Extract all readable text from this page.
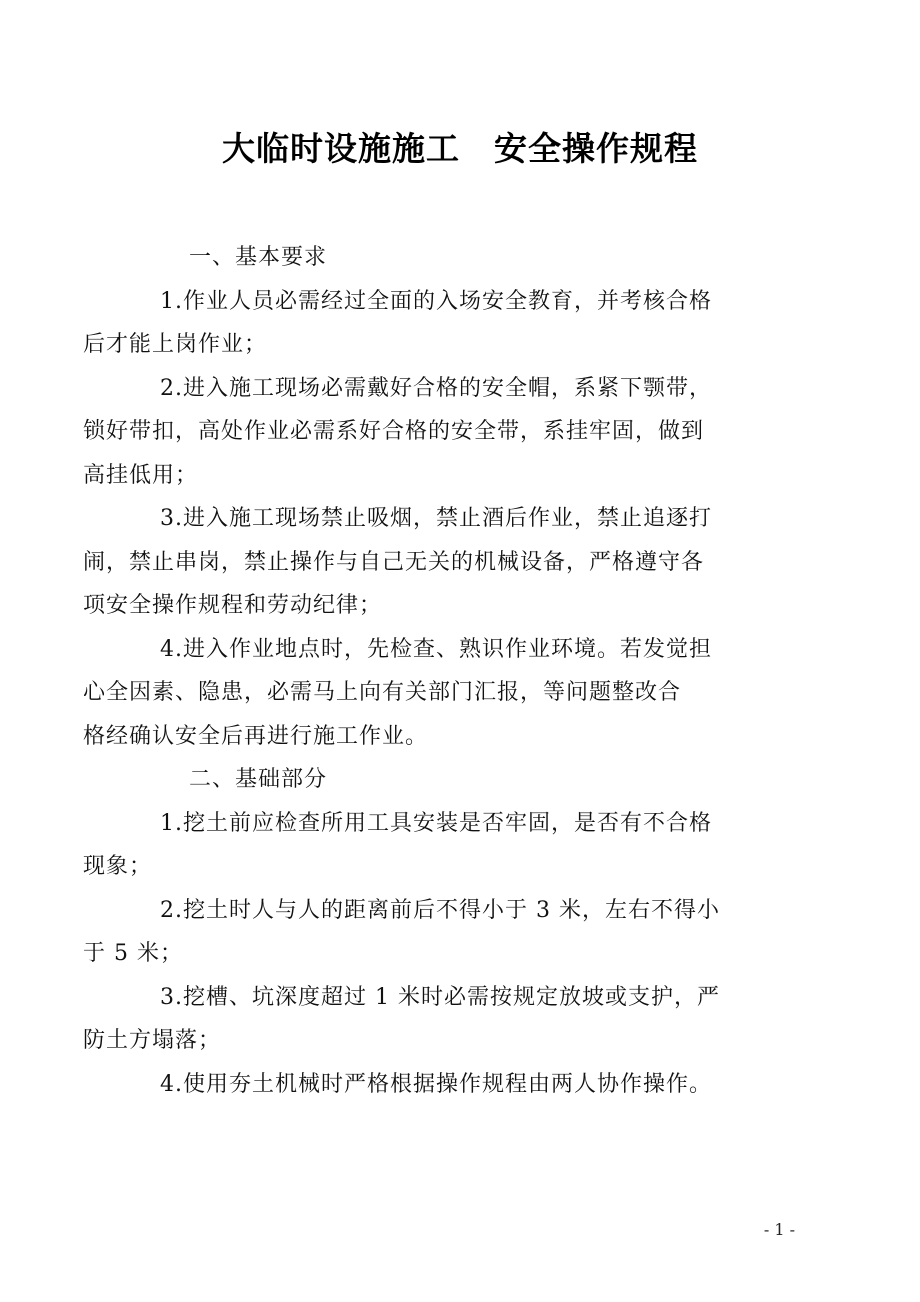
大临时设施施工　安全操作规程
一、基本要求
1.作业人员必需经过全面的入场安全教育，并考核合格
后才能上岗作业；
2.进入施工现场必需戴好合格的安全帽，系紧下颚带，
锁好带扣，高处作业必需系好合格的安全带，系挂牢固，做到
高挂低用；
3.进入施工现场禁止吸烟，禁止酒后作业，禁止追逐打
闹，禁止串岗，禁止操作与自己无关的机械设备，严格遵守各
项安全操作规程和劳动纪律；
4.进入作业地点时，先检查、熟识作业环境。若发觉担
心全因素、隐患，必需马上向有关部门汇报，等问题整改合
格经确认安全后再进行施工作业。
二、基础部分
1.挖土前应检查所用工具安装是否牢固，是否有不合格
现象；
2.挖土时人与人的距离前后不得小于 3 米，左右不得小
于 5 米；
3.挖槽、坑深度超过 1 米时必需按规定放坡或支护，严
防土方塌落；
4.使用夯土机械时严格根据操作规程由两人协作操作。

- 1 -
